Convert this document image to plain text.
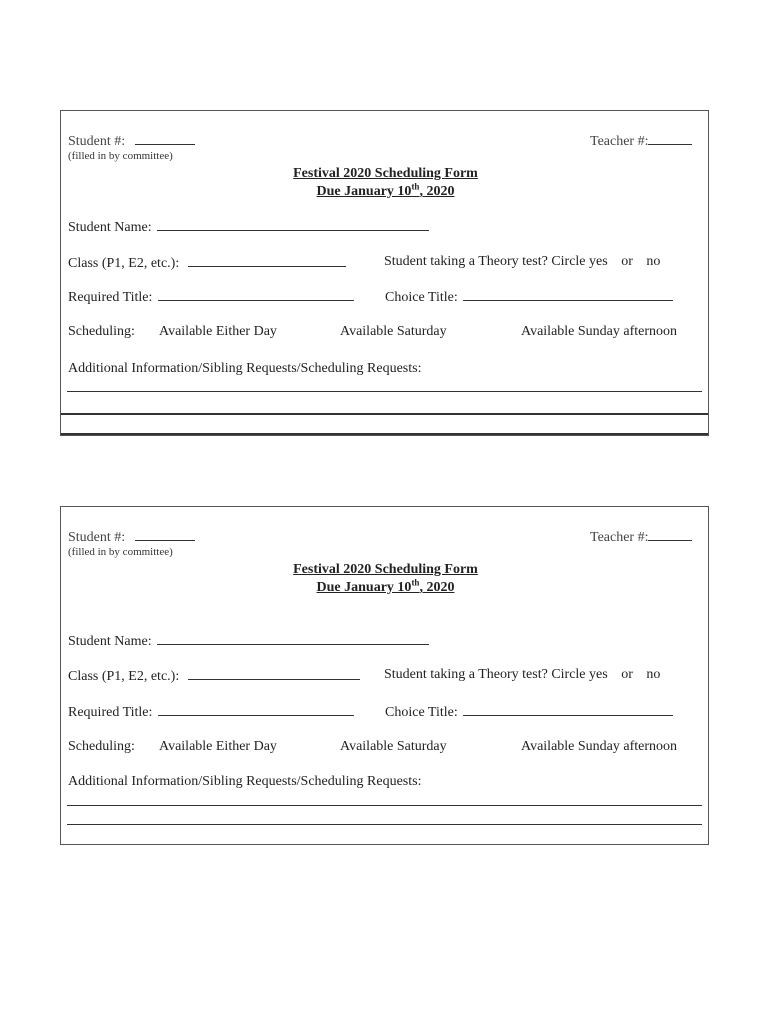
Student #:
(filled in by committee)
Teacher #:
Festival 2020 Scheduling Form
Due January 10th, 2020
Student Name:
Class (P1, E2, etc.):	Student taking a Theory test? Circle yes or no
Required Title:	Choice Title:
Scheduling: Available Either Day	Available Saturday	Available Sunday afternoon
Additional Information/Sibling Requests/Scheduling Requests:
Student #:
(filled in by committee)
Teacher #:
Festival 2020 Scheduling Form
Due January 10th, 2020
Student Name:
Class (P1, E2, etc.):	Student taking a Theory test? Circle yes or no
Required Title:	Choice Title:
Scheduling: Available Either Day	Available Saturday	Available Sunday afternoon
Additional Information/Sibling Requests/Scheduling Requests:
